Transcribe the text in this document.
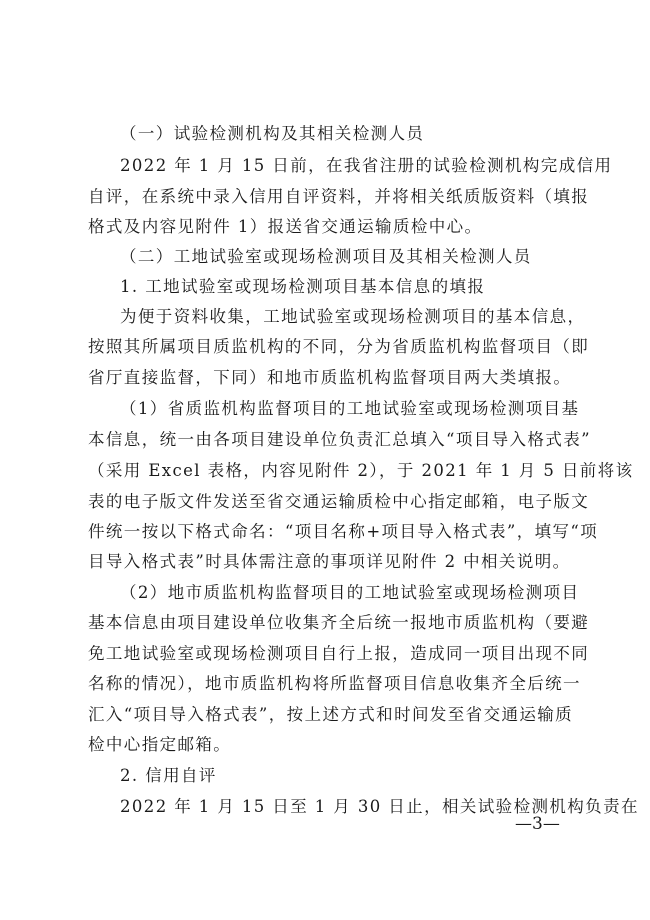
（一）试验检测机构及其相关检测人员
2022 年 1 月 15 日前，在我省注册的试验检测机构完成信用
自评，在系统中录入信用自评资料，并将相关纸质版资料（填报
格式及内容见附件 1）报送省交通运输质检中心。
（二）工地试验室或现场检测项目及其相关检测人员
1. 工地试验室或现场检测项目基本信息的填报
为便于资料收集，工地试验室或现场检测项目的基本信息，
按照其所属项目质监机构的不同，分为省质监机构监督项目（即
省厅直接监督，下同）和地市质监机构监督项目两大类填报。
（1）省质监机构监督项目的工地试验室或现场检测项目基
本信息，统一由各项目建设单位负责汇总填入“项目导入格式表”
（采用 Excel 表格，内容见附件 2），于 2021 年 1 月 5 日前将该
表的电子版文件发送至省交通运输质检中心指定邮箱，电子版文
件统一按以下格式命名：“项目名称+项目导入格式表”，填写“项
目导入格式表”时具体需注意的事项详见附件 2 中相关说明。
（2）地市质监机构监督项目的工地试验室或现场检测项目
基本信息由项目建设单位收集齐全后统一报地市质监机构（要避
免工地试验室或现场检测项目自行上报，造成同一项目出现不同
名称的情况），地市质监机构将所监督项目信息收集齐全后统一
汇入“项目导入格式表”，按上述方式和时间发至省交通运输质
检中心指定邮箱。
2. 信用自评
2022 年 1 月 15 日至 1 月 30 日止，相关试验检测机构负责在
—3—
